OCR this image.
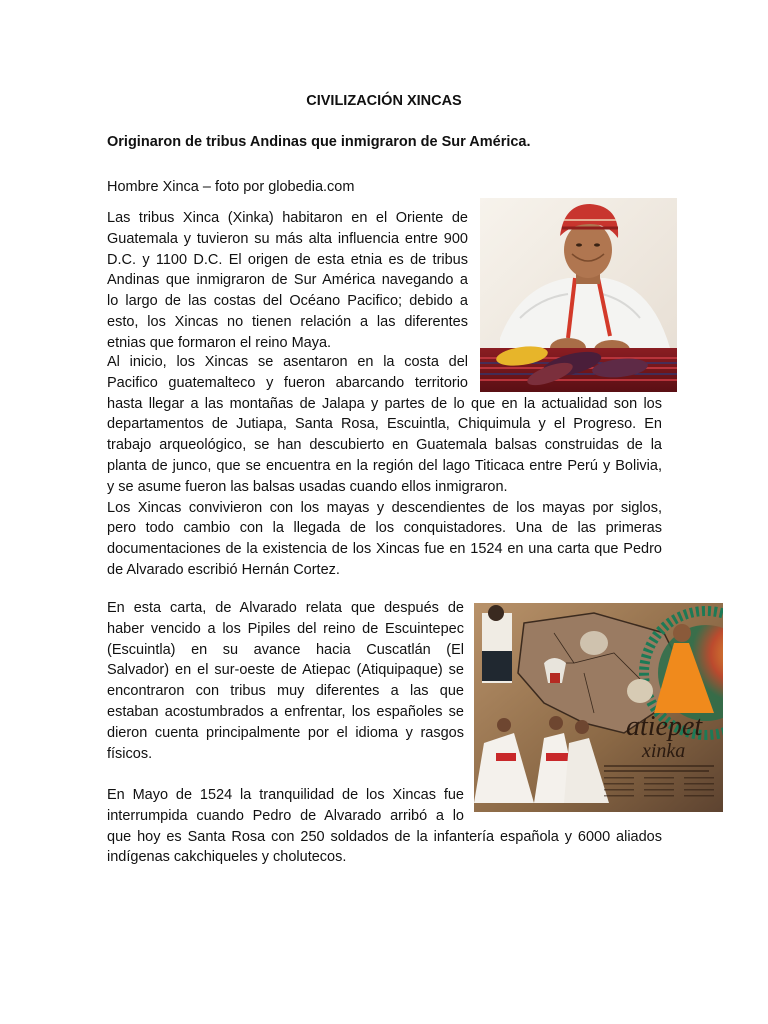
CIVILIZACIÓN XINCAS
Originaron de tribus Andinas que inmigraron de Sur América.
Hombre Xinca – foto por globedia.com

Las tribus Xinca (Xinka) habitaron en el Oriente de
Guatemala y tuvieron su más alta influencia entre 900
D.C. y 1100 D.C. El origen de esta etnia es de tribus
Andinas que inmigraron de Sur América navegando a
lo largo de las costas del Océano Pacifico; debido a
esto, los Xincas no tienen relación a las diferentes
etnias que formaron el reino Maya.

Al inicio, los Xincas se asentaron en la costa del
Pacifico guatemalteco y fueron abarcando territorio
hasta llegar a las montañas de Jalapa y partes de lo que en la actualidad son los
departamentos de Jutiapa, Santa Rosa, Escuintla, Chiquimula y el Progreso. En
trabajo arqueológico, se han descubierto en Guatemala balsas construidas de la
planta de junco, que se encuentra en la región del lago Titicaca entre Perú y Bolivia,
y se asume fueron las balsas usadas cuando ellos inmigraron.
Los Xincas convivieron con los mayas y descendientes de los mayas por siglos,
pero todo cambio con la llegada de los conquistadores. Una de las primeras
documentaciones de la existencia de los Xincas fue en 1524 en una carta que Pedro
de Alvarado escribió Hernán Cortez.

En esta carta, de Alvarado relata que después de
haber vencido a los Pipiles del reino de Escuintepec
(Escuintla) en su avance hacia Cuscatlán (El
Salvador) en el sur-oeste de Atiepac (Atiquipaque) se
encontraron con tribus muy diferentes a las que
estaban acostumbrados a enfrentar, los españoles se
dieron cuenta principalmente por el idioma y rasgos
físicos.

En Mayo de 1524 la tranquilidad de los Xincas fue
interrumpida cuando Pedro de Alvarado arribó a lo
que hoy es Santa Rosa con 250 soldados de la infantería española y 6000 aliados
indígenas cakchiqueles y cholutecos.

atiepet
xinka
